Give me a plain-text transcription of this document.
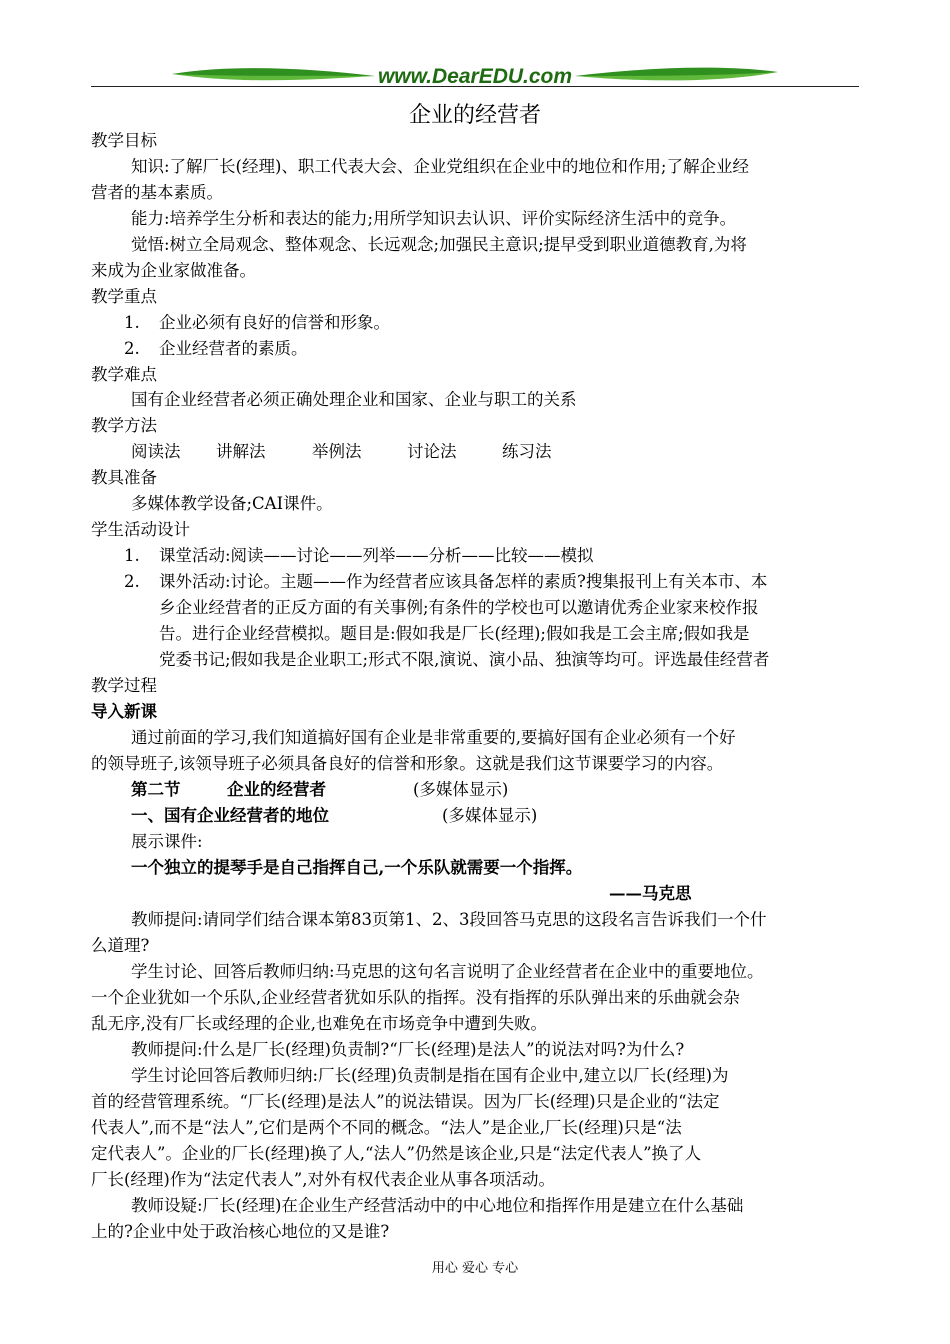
www.DearEDU.com
企业的经营者
教学目标
知识:了解厂长(经理)、职工代表大会、企业党组织在企业中的地位和作用;了解企业经
营者的基本素质。
能力:培养学生分析和表达的能力;用所学知识去认识、评价实际经济生活中的竞争。
觉悟:树立全局观念、整体观念、长远观念;加强民主意识;提早受到职业道德教育,为将
来成为企业家做准备。
教学重点
1. 企业必须有良好的信誉和形象。
2. 企业经营者的素质。
教学难点
国有企业经营者必须正确处理企业和国家、企业与职工的关系
教学方法
阅读法 讲解法	举例法	讨论法	练习法
教具准备
多媒体教学设备;CAI课件。
学生活动设计
1. 课堂活动:阅读——讨论——列举——分析——比较——模拟
2. 课外活动:讨论。主题——作为经营者应该具备怎样的素质?搜集报刊上有关本市、本
乡企业经营者的正反方面的有关事例;有条件的学校也可以邀请优秀企业家来校作报
告。进行企业经营模拟。题目是:假如我是厂长(经理);假如我是工会主席;假如我是
党委书记;假如我是企业职工;形式不限,演说、演小品、独演等均可。评选最佳经营者
教学过程
导入新课
通过前面的学习,我们知道搞好国有企业是非常重要的,要搞好国有企业必须有一个好
的领导班子,该领导班子必须具备良好的信誉和形象。这就是我们这节课要学习的内容。
第二节	企业的经营者	(多媒体显示)
一、国有企业经营者的地位	(多媒体显示)
展示课件:
一个独立的提琴手是自己指挥自己,一个乐队就需要一个指挥。
——马克思
教师提问:请同学们结合课本第83页第1、2、3段回答马克思的这段名言告诉我们一个什
么道理?
学生讨论、回答后教师归纳:马克思的这句名言说明了企业经营者在企业中的重要地位。
一个企业犹如一个乐队,企业经营者犹如乐队的指挥。没有指挥的乐队弹出来的乐曲就会杂
乱无序,没有厂长或经理的企业,也难免在市场竞争中遭到失败。
教师提问:什么是厂长(经理)负责制?“厂长(经理)是法人”的说法对吗?为什么?
学生讨论回答后教师归纳:厂长(经理)负责制是指在国有企业中,建立以厂长(经理)为
首的经营管理系统。“厂长(经理)是法人”的说法错误。因为厂长(经理)只是企业的“法定
代表人”,而不是“法人”,它们是两个不同的概念。“法人”是企业,厂长(经理)只是“法
定代表人”。企业的厂长(经理)换了人,“法人”仍然是该企业,只是“法定代表人”换了人
厂长(经理)作为“法定代表人”,对外有权代表企业从事各项活动。
教师设疑:厂长(经理)在企业生产经营活动中的中心地位和指挥作用是建立在什么基础
上的?企业中处于政治核心地位的又是谁?
用心 爱心 专心
